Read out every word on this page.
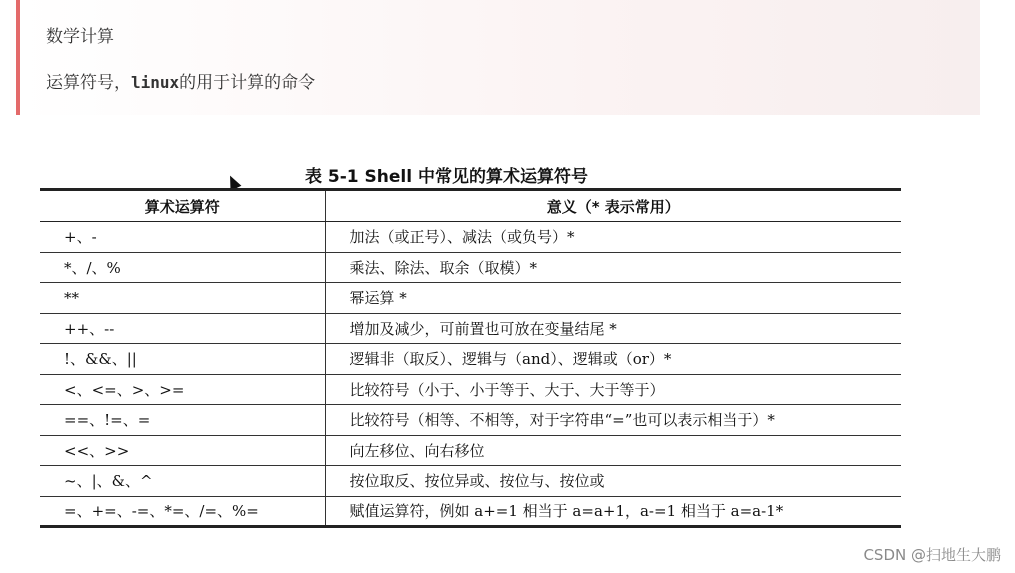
数学计算
运算符号，linux的用于计算的命令
表 5-1 Shell 中常见的算术运算符号
算术运算符	意义（* 表示常用）
+、-	加法（或正号）、减法（或负号）*
*、/、%	乘法、除法、取余（取模）*
**	幂运算 *
++、--	增加及减少，可前置也可放在变量结尾 *
!、&&、||	逻辑非（取反）、逻辑与（and）、逻辑或（or）*
<、<=、>、>=	比较符号（小于、小于等于、大于、大于等于）
==、!=、=	比较符号（相等、不相等，对于字符串“=”也可以表示相当于）*
<<、>>	向左移位、向右移位
~、|、&、^	按位取反、按位异或、按位与、按位或
=、+=、-=、*=、/=、%=	赋值运算符，例如 a+=1 相当于 a=a+1，a-=1 相当于 a=a-1*
CSDN @扫地生大鹏
